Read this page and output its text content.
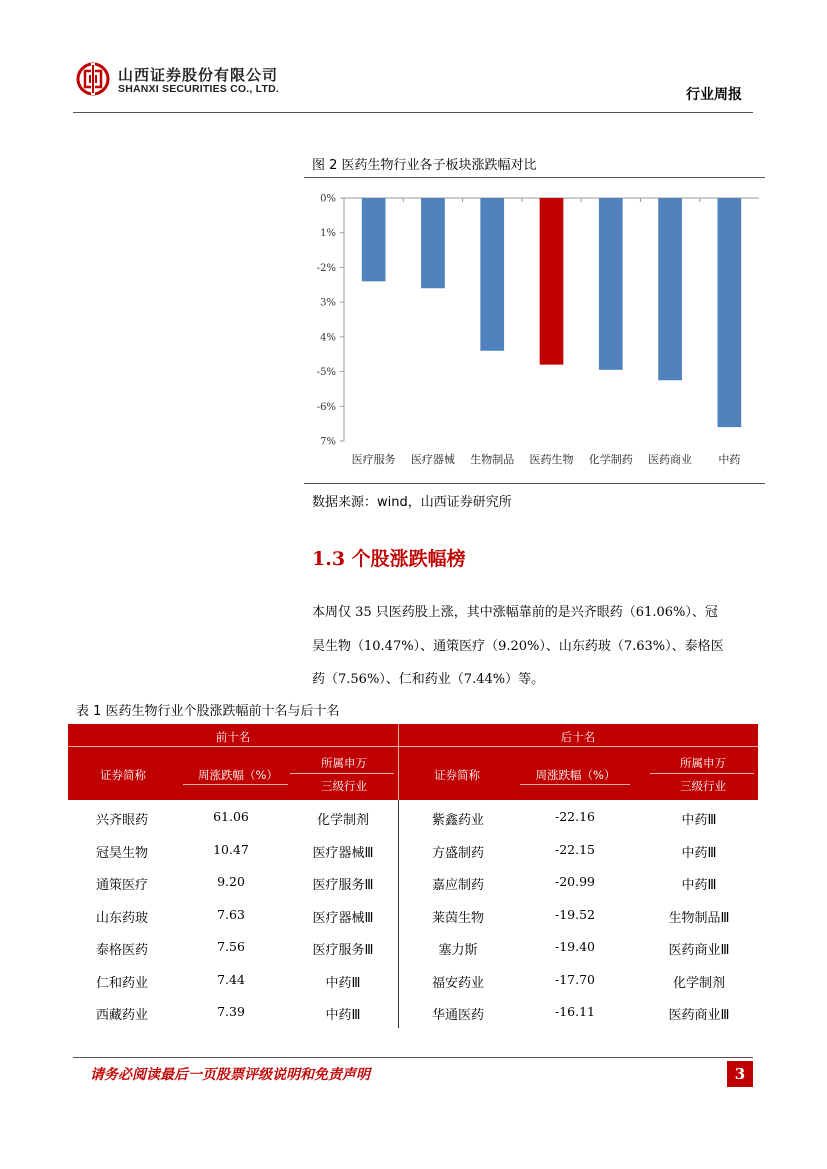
山西证券股份有限公司
SHANXI SECURITIES CO., LTD.	行业周报
图 2 医药生物行业各子板块涨跌幅对比
0%
1%
-2%
3%
4%
-5%
-6%
7%
医疗服务 医疗器械 生物制品 医药生物 化学制药 医药商业 中药
数据来源：wind，山西证券研究所
1.3 个股涨跌幅榜
本周仅 35 只医药股上涨，其中涨幅靠前的是兴齐眼药（61.06%）、冠
昊生物（10.47%）、通策医疗（9.20%）、山东药玻（7.63%）、泰格医
药（7.56%）、仁和药业（7.44%）等。
表 1 医药生物行业个股涨跌幅前十名与后十名
前十名	后十名
证券简称	周涨跌幅（%）
所属申万
三级行业
证券简称	周涨跌幅（%）
所属申万
三级行业
兴齐眼药	61.06	化学制剂	紫鑫药业	-22.16	中药Ⅲ
冠昊生物	10.47	医疗器械Ⅲ	方盛制药	-22.15	中药Ⅲ
通策医疗	9.20	医疗服务Ⅲ	嘉应制药	-20.99	中药Ⅲ
山东药玻	7.63	医疗器械Ⅲ	莱茵生物	-19.52	生物制品Ⅲ
泰格医药	7.56	医疗服务Ⅲ	塞力斯	-19.40	医药商业Ⅲ
仁和药业	7.44	中药Ⅲ	福安药业	-17.70	化学制剂
西藏药业	7.39	中药Ⅲ	华通医药	-16.11	医药商业Ⅲ
请务必阅读最后一页股票评级说明和免责声明	3
